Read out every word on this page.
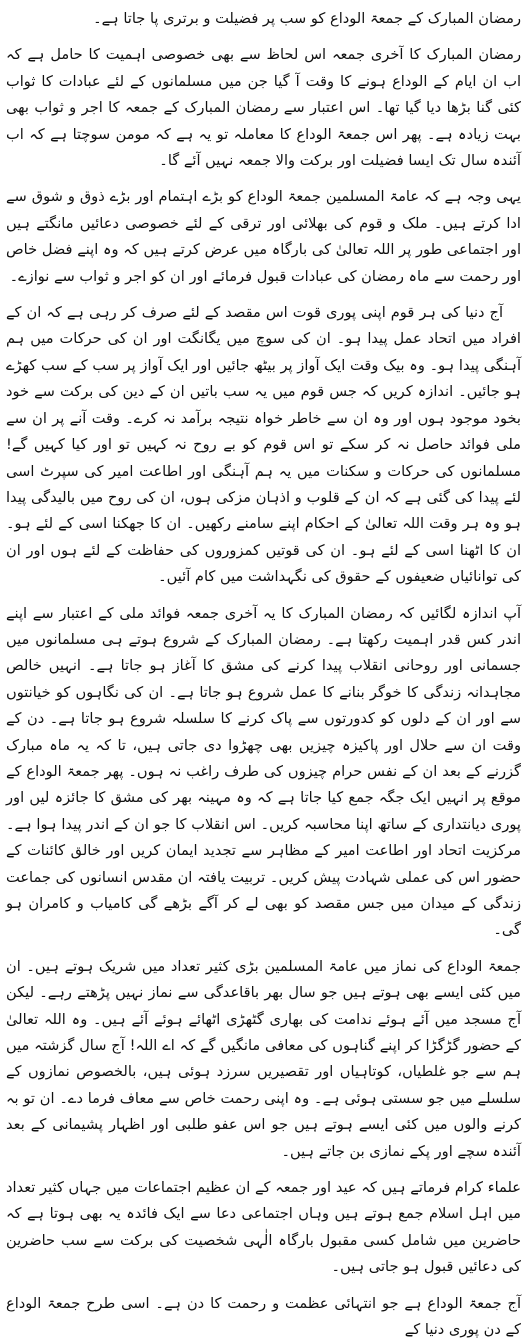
رمضان المبارک کے جمعۃ الوداع کو سب پر فضیلت و برتری پا جاتا ہے۔

رمضان المبارک کا آخری جمعہ اس لحاظ سے بھی خصوصی اہمیت کا حامل ہے کہ اب ان ایام کے الوداع ہونے کا وقت آ گیا جن میں مسلمانوں کے لئے عبادات کا ثواب کئی گنا بڑھا دیا گیا تھا۔ اس اعتبار سے رمضان المبارک کے جمعہ کا اجر و ثواب بھی بہت زیادہ ہے۔ پھر اس جمعۃ الوداع کا معاملہ تو یہ ہے کہ مومن سوچتا ہے کہ اب آئندہ سال تک ایسا فضیلت اور برکت والا جمعہ نہیں آئے گا۔

یہی وجہ ہے کہ عامۃ المسلمین جمعۃ الوداع کو بڑے اہتمام اور بڑے ذوق و شوق سے ادا کرتے ہیں۔ ملک و قوم کی بھلائی اور ترقی کے لئے خصوصی دعائیں مانگتے ہیں اور اجتماعی طور پر اللہ تعالیٰ کی بارگاہ میں عرض کرتے ہیں کہ وہ اپنے فضل خاص اور رحمت سے ماہ رمضان کی عبادات قبول فرمائے اور ان کو اجر و ثواب سے نوازے۔

آج دنیا کی ہر قوم اپنی پوری قوت اس مقصد کے لئے صرف کر رہی ہے کہ ان کے افراد میں اتحاد عمل پیدا ہو۔ ان کی سوچ میں یگانگت اور ان کی حرکات میں ہم آہنگی پیدا ہو۔ وہ بیک وقت ایک آواز پر بیٹھ جائیں اور ایک آواز پر سب کے سب کھڑے ہو جائیں۔ اندازہ کریں کہ جس قوم میں یہ سب باتیں ان کے دین کی برکت سے خود بخود موجود ہوں اور وہ ان سے خاطر خواہ نتیجہ برآمد نہ کرے۔ وقت آنے پر ان سے ملی فوائد حاصل نہ کر سکے تو اس قوم کو بے روح نہ کہیں تو اور کیا کہیں گے! مسلمانوں کی حرکات و سکنات میں یہ ہم آہنگی اور اطاعت امیر کی سپرٹ اسی لئے پیدا کی گئی ہے کہ ان کے قلوب و اذہان مزکی ہوں، ان کی روح میں بالیدگی پیدا ہو وہ ہر وقت اللہ تعالیٰ کے احکام اپنے سامنے رکھیں۔ ان کا جھکنا اسی کے لئے ہو۔ ان کا اٹھنا اسی کے لئے ہو۔ ان کی قوتیں کمزوروں کی حفاظت کے لئے ہوں اور ان کی توانائیاں ضعیفوں کے حقوق کی نگہداشت میں کام آئیں۔

آپ اندازہ لگائیں کہ رمضان المبارک کا یہ آخری جمعہ فوائد ملی کے اعتبار سے اپنے اندر کس قدر اہمیت رکھتا ہے۔ رمضان المبارک کے شروع ہوتے ہی مسلمانوں میں جسمانی اور روحانی انقلاب پیدا کرنے کی مشق کا آغاز ہو جاتا ہے۔ انہیں خالص مجاہدانہ زندگی کا خوگر بنانے کا عمل شروع ہو جاتا ہے۔ ان کی نگاہوں کو خیانتوں سے اور ان کے دلوں کو کدورتوں سے پاک کرنے کا سلسلہ شروع ہو جاتا ہے۔ دن کے وقت ان سے حلال اور پاکیزہ چیزیں بھی چھڑوا دی جاتی ہیں، تا کہ یہ ماہ مبارک گزرنے کے بعد ان کے نفس حرام چیزوں کی طرف راغب نہ ہوں۔ پھر جمعۃ الوداع کے موقع پر انہیں ایک جگہ جمع کیا جاتا ہے کہ وہ مہینہ بھر کی مشق کا جائزہ لیں اور پوری دیانتداری کے ساتھ اپنا محاسبہ کریں۔ اس انقلاب کا جو ان کے اندر پیدا ہوا ہے۔ مرکزیت اتحاد اور اطاعت امیر کے مظاہر سے تجدید ایمان کریں اور خالق کائنات کے حضور اس کی عملی شہادت پیش کریں۔ تربیت یافتہ ان مقدس انسانوں کی جماعت زندگی کے میدان میں جس مقصد کو بھی لے کر آگے بڑھے گی کامیاب و کامران ہو گی۔

جمعۃ الوداع کی نماز میں عامۃ المسلمین بڑی کثیر تعداد میں شریک ہوتے ہیں۔ ان میں کئی ایسے بھی ہوتے ہیں جو سال بھر باقاعدگی سے نماز نہیں پڑھتے رہے۔ لیکن آج مسجد میں آئے ہوئے ندامت کی بھاری گٹھڑی اٹھائے ہوئے آئے ہیں۔ وہ اللہ تعالیٰ کے حضور گڑگڑا کر اپنے گناہوں کی معافی مانگیں گے کہ اے اللہ! آج سال گزشتہ میں ہم سے جو غلطیاں، کوتاہیاں اور تقصیریں سرزد ہوئی ہیں، بالخصوص نمازوں کے سلسلے میں جو سستی ہوئی ہے۔ وہ اپنی رحمت خاص سے معاف فرما دے۔ ان تو بہ کرنے والوں میں کئی ایسے ہوتے ہیں جو اس عفو طلبی اور اظہار پشیمانی کے بعد آئندہ سچے اور پکے نمازی بن جاتے ہیں۔

علماء کرام فرماتے ہیں کہ عید اور جمعہ کے ان عظیم اجتماعات میں جہاں کثیر تعداد میں اہل اسلام جمع ہوتے ہیں وہاں اجتماعی دعا سے ایک فائدہ یہ بھی ہوتا ہے کہ حاضرین میں شامل کسی مقبول بارگاہ الٰہی شخصیت کی برکت سے سب حاضرین کی دعائیں قبول ہو جاتی ہیں۔

آج جمعۃ الوداع ہے جو انتہائی عظمت و رحمت کا دن ہے۔ اسی طرح جمعۃ الوداع کے دن پوری دنیا کے
